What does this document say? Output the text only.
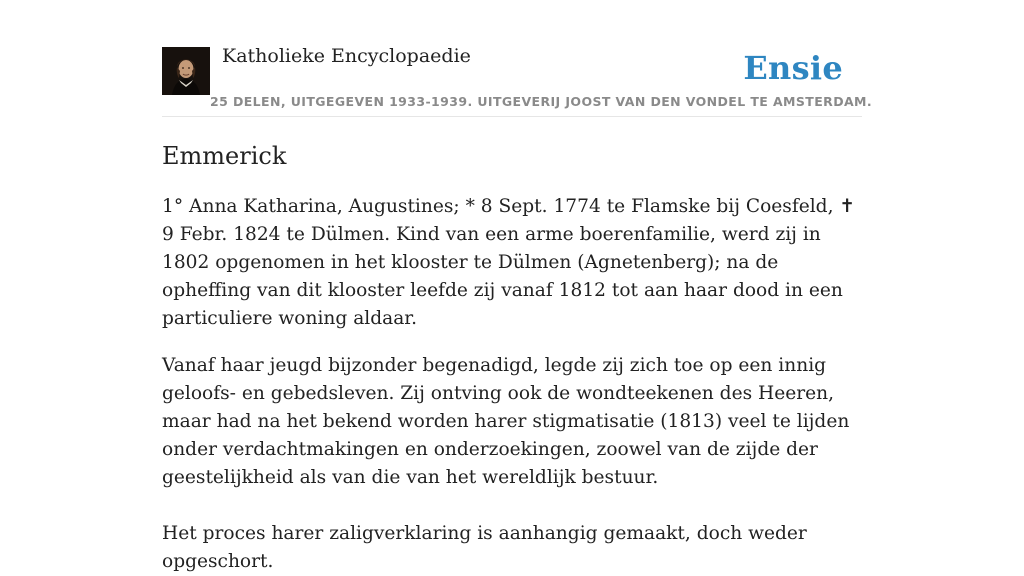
Katholieke Encyclopaedie	Ensie
25 DELEN, UITGEGEVEN 1933-1939. UITGEVERIJ JOOST VAN DEN VONDEL TE AMSTERDAM.
Emmerick

1° Anna Katharina, Augustines; * 8 Sept. 1774 te Flamske bij Coesfeld, ✝ 9 Febr. 1824 te Dülmen. Kind van een arme boerenfamilie, werd zij in 1802 opgenomen in het klooster te Dülmen (Agnetenberg); na de opheffing van dit klooster leefde zij vanaf 1812 tot aan haar dood in een particuliere woning aldaar.

Vanaf haar jeugd bijzonder begenadigd, legde zij zich toe op een innig geloofs- en gebedsleven. Zij ontving ook de wondteekenen des Heeren, maar had na het bekend worden harer stigmatisatie (1813) veel te lijden onder verdachtmakingen en onderzoekingen, zoowel van de zijde der geestelijkheid als van die van het wereldlijk bestuur.

Het proces harer zaligverklaring is aanhangig gemaakt, doch weder opgeschort.
